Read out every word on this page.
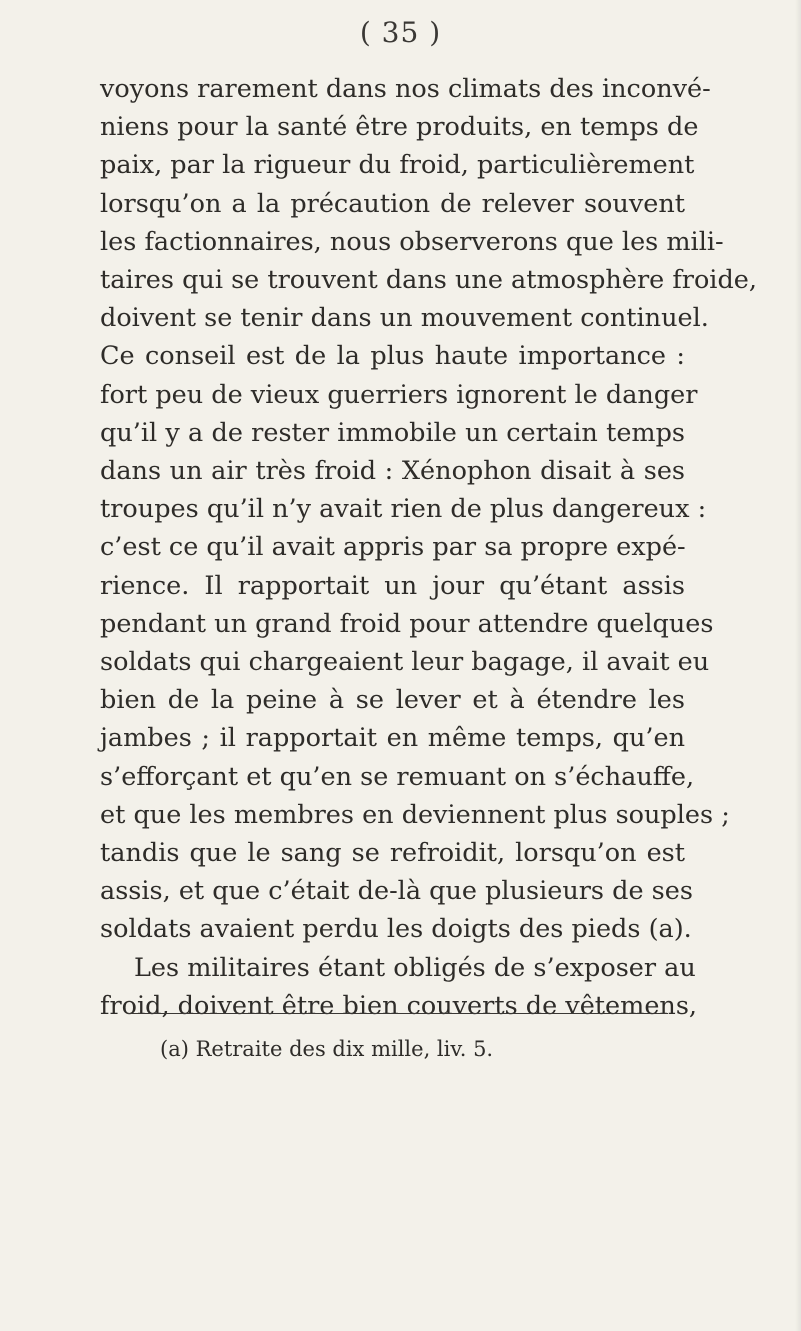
( 35 )
voyons rarement dans nos climats des inconvé-
niens pour la santé être produits, en temps de
paix, par la rigueur du froid, particulièrement
lorsqu’on a la précaution de relever souvent
les factionnaires, nous observerons que les mili-
taires qui se trouvent dans une atmosphère froide,
doivent se tenir dans un mouvement continuel.
Ce conseil est de la plus haute importance :
fort peu de vieux guerriers ignorent le danger
qu’il y a de rester immobile un certain temps
dans un air très froid : Xénophon disait à ses
troupes qu’il n’y avait rien de plus dangereux :
c’est ce qu’il avait appris par sa propre expé-
rience. Il rapportait un jour qu’étant assis
pendant un grand froid pour attendre quelques
soldats qui chargeaient leur bagage, il avait eu
bien de la peine à se lever et à étendre les
jambes ; il rapportait en même temps, qu’en
s’efforçant et qu’en se remuant on s’échauffe,
et que les membres en deviennent plus souples ;
tandis que le sang se refroidit, lorsqu’on est
assis, et que c’était de-là que plusieurs de ses
soldats avaient perdu les doigts des pieds (a).
Les militaires étant obligés de s’exposer au
froid, doivent être bien couverts de vêtemens,
(a) Retraite des dix mille, liv. 5.
